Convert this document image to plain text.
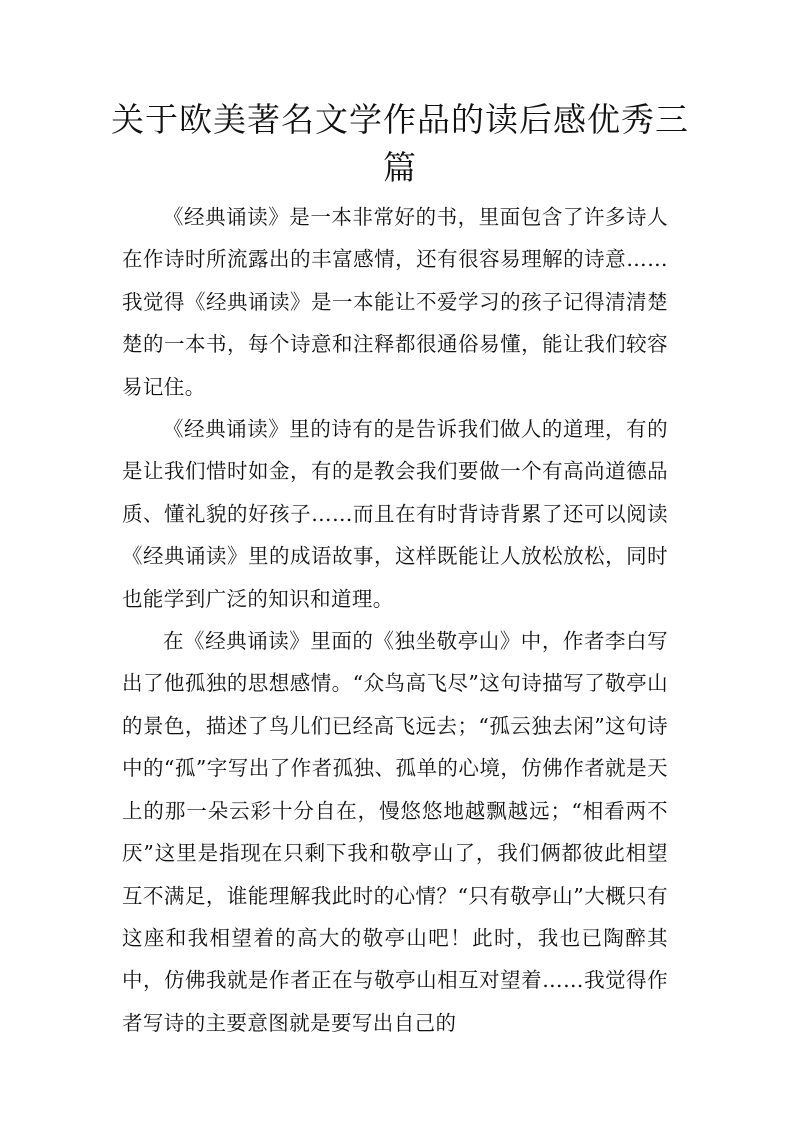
关于欧美著名文学作品的读后感优秀三篇

《经典诵读》是一本非常好的书，里面包含了许多诗人在作诗时所流露出的丰富感情，还有很容易理解的诗意……我觉得《经典诵读》是一本能让不爱学习的孩子记得清清楚楚的一本书，每个诗意和注释都很通俗易懂，能让我们较容易记住。

《经典诵读》里的诗有的是告诉我们做人的道理，有的是让我们惜时如金，有的是教会我们要做一个有高尚道德品质、懂礼貌的好孩子……而且在有时背诗背累了还可以阅读《经典诵读》里的成语故事，这样既能让人放松放松，同时也能学到广泛的知识和道理。

在《经典诵读》里面的《独坐敬亭山》中，作者李白写出了他孤独的思想感情。“众鸟高飞尽”这句诗描写了敬亭山的景色，描述了鸟儿们已经高飞远去；“孤云独去闲”这句诗中的“孤”字写出了作者孤独、孤单的心境，仿佛作者就是天上的那一朵云彩十分自在，慢悠悠地越飘越远；“相看两不厌”这里是指现在只剩下我和敬亭山了，我们俩都彼此相望互不满足，谁能理解我此时的心情？“只有敬亭山”大概只有这座和我相望着的高大的敬亭山吧！此时，我也已陶醉其中，仿佛我就是作者正在与敬亭山相互对望着……我觉得作者写诗的主要意图就是要写出自己的
